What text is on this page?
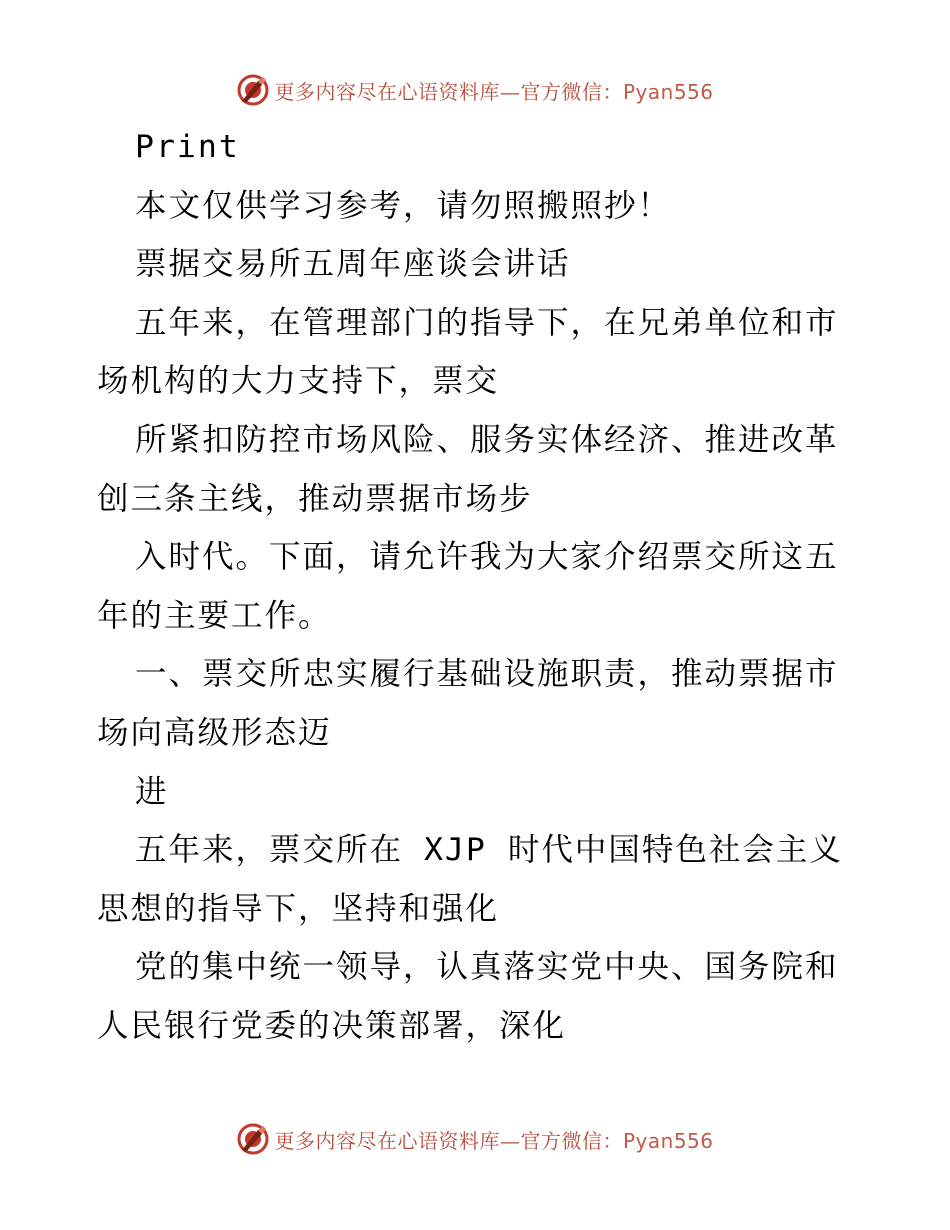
更多内容尽在心语资料库—官方微信：Pyan556
Print
本文仅供学习参考，请勿照搬照抄！
票据交易所五周年座谈会讲话
五年来，在管理部门的指导下，在兄弟单位和市
场机构的大力支持下，票交
所紧扣防控市场风险、服务实体经济、推进改革
创三条主线，推动票据市场步
入时代。下面，请允许我为大家介绍票交所这五
年的主要工作。
一、票交所忠实履行基础设施职责，推动票据市
场向高级形态迈
进
五年来，票交所在 XJP 时代中国特色社会主义
思想的指导下，坚持和强化
党的集中统一领导，认真落实党中央、国务院和
人民银行党委的决策部署，深化
更多内容尽在心语资料库—官方微信：Pyan556
